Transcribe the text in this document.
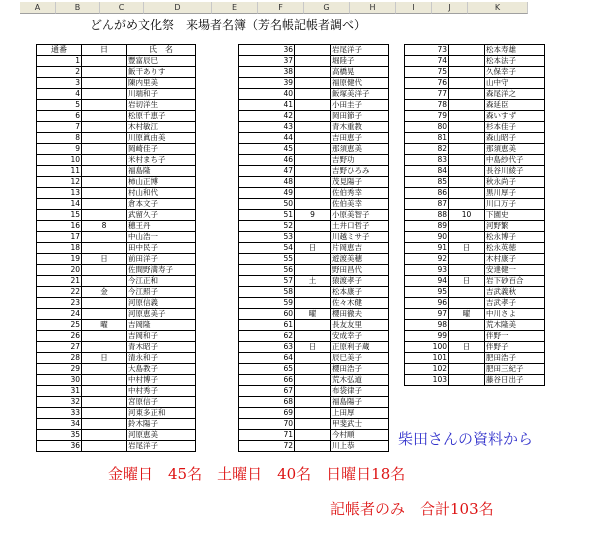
A	B	C	D	E	F	G	H	I	J	K
どんがめ文化祭　来場者名簿（芳名帳記帳者調べ）
通番	日	氏　名
1		豐富辰巳
2		飯干ありす
3		陳内里美
4		川端和子
5		岩切洋生
6		松原千恵子
7		木村敏江
8		川原眞由美
9		岡崎佳子
10		米村まち子
11		福島隆
12		柿山正博
13		村山和代
14		倉本文子
15		武留久子
16	8	穂王丹
17		中山浩一
18		田中民子
19	日	前田洋子
20		佐間野満寿子
21		今江正和
22	金	今江照子
23		河原信義
24		河原恵美子
25	曜	吉岡隆
26		吉岡和子
27		青木昭子
28	日	清永和子
29		大島教子
30		中村博子
31		中村秀子
32		宮原信子
33		河東多正和
34		鈴木陽子
35		河原恵美
36		岩尾洋子
36		岩尾洋子
37		堀陸子
38		高橋晃
39		福原健代
40		飯塚美洋子
41		小田圭子
42		岡田節子
43		青木重教
44		吉田恵子
45		那須恵美
46		吉野功
47		吉野ひろみ
48		茂見陽子
49		佐伯秀幸
50		佐伯美幸
51	9	小原美智子
52		土井口哲子
53		川越ミサ子
54	日	片岡恵吉
55		遊渡美穂
56		野田昌代
57	土	猿渡孝子
58		松本康子
59		佐々木健
60	曜	櫻田徹夫
61		長友友里
62		安成幸子
63	日	正原利子蔵
64		辰巳美子
65		櫻田浩子
66		荒木弘道
67		布袋律子
68		福島陽子
69		上田厚
70		甲斐武士
71		今村順
72		川上恭
73		松本寿雄
74		松本法子
75		久保幸子
76		山中守
77		森尾洋之
78		森延臣
79		森いすず
80		杉本佳子
81		森山昭子
82		那須恵美
83		中島紗代子
84		長谷川綾子
85		秋永尚子
86		黒川厚子
87		川口万子
88	10	下園史
89		河野繁
90		松永博子
91	日	松永英徳
92		木村康子
93		安達健一
94	日	岩下砂百合
95		吉武義秋
96		吉武孝子
97	曜	中川さよ
98		荒木隆美
99		伴野一
100	日	伴野子
101		肥田浩子
102		肥田三紀子
103		藤谷日出子
柴田さんの資料から
金曜日　45名　土曜日　40名　日曜日18名
記帳者のみ　合計103名
